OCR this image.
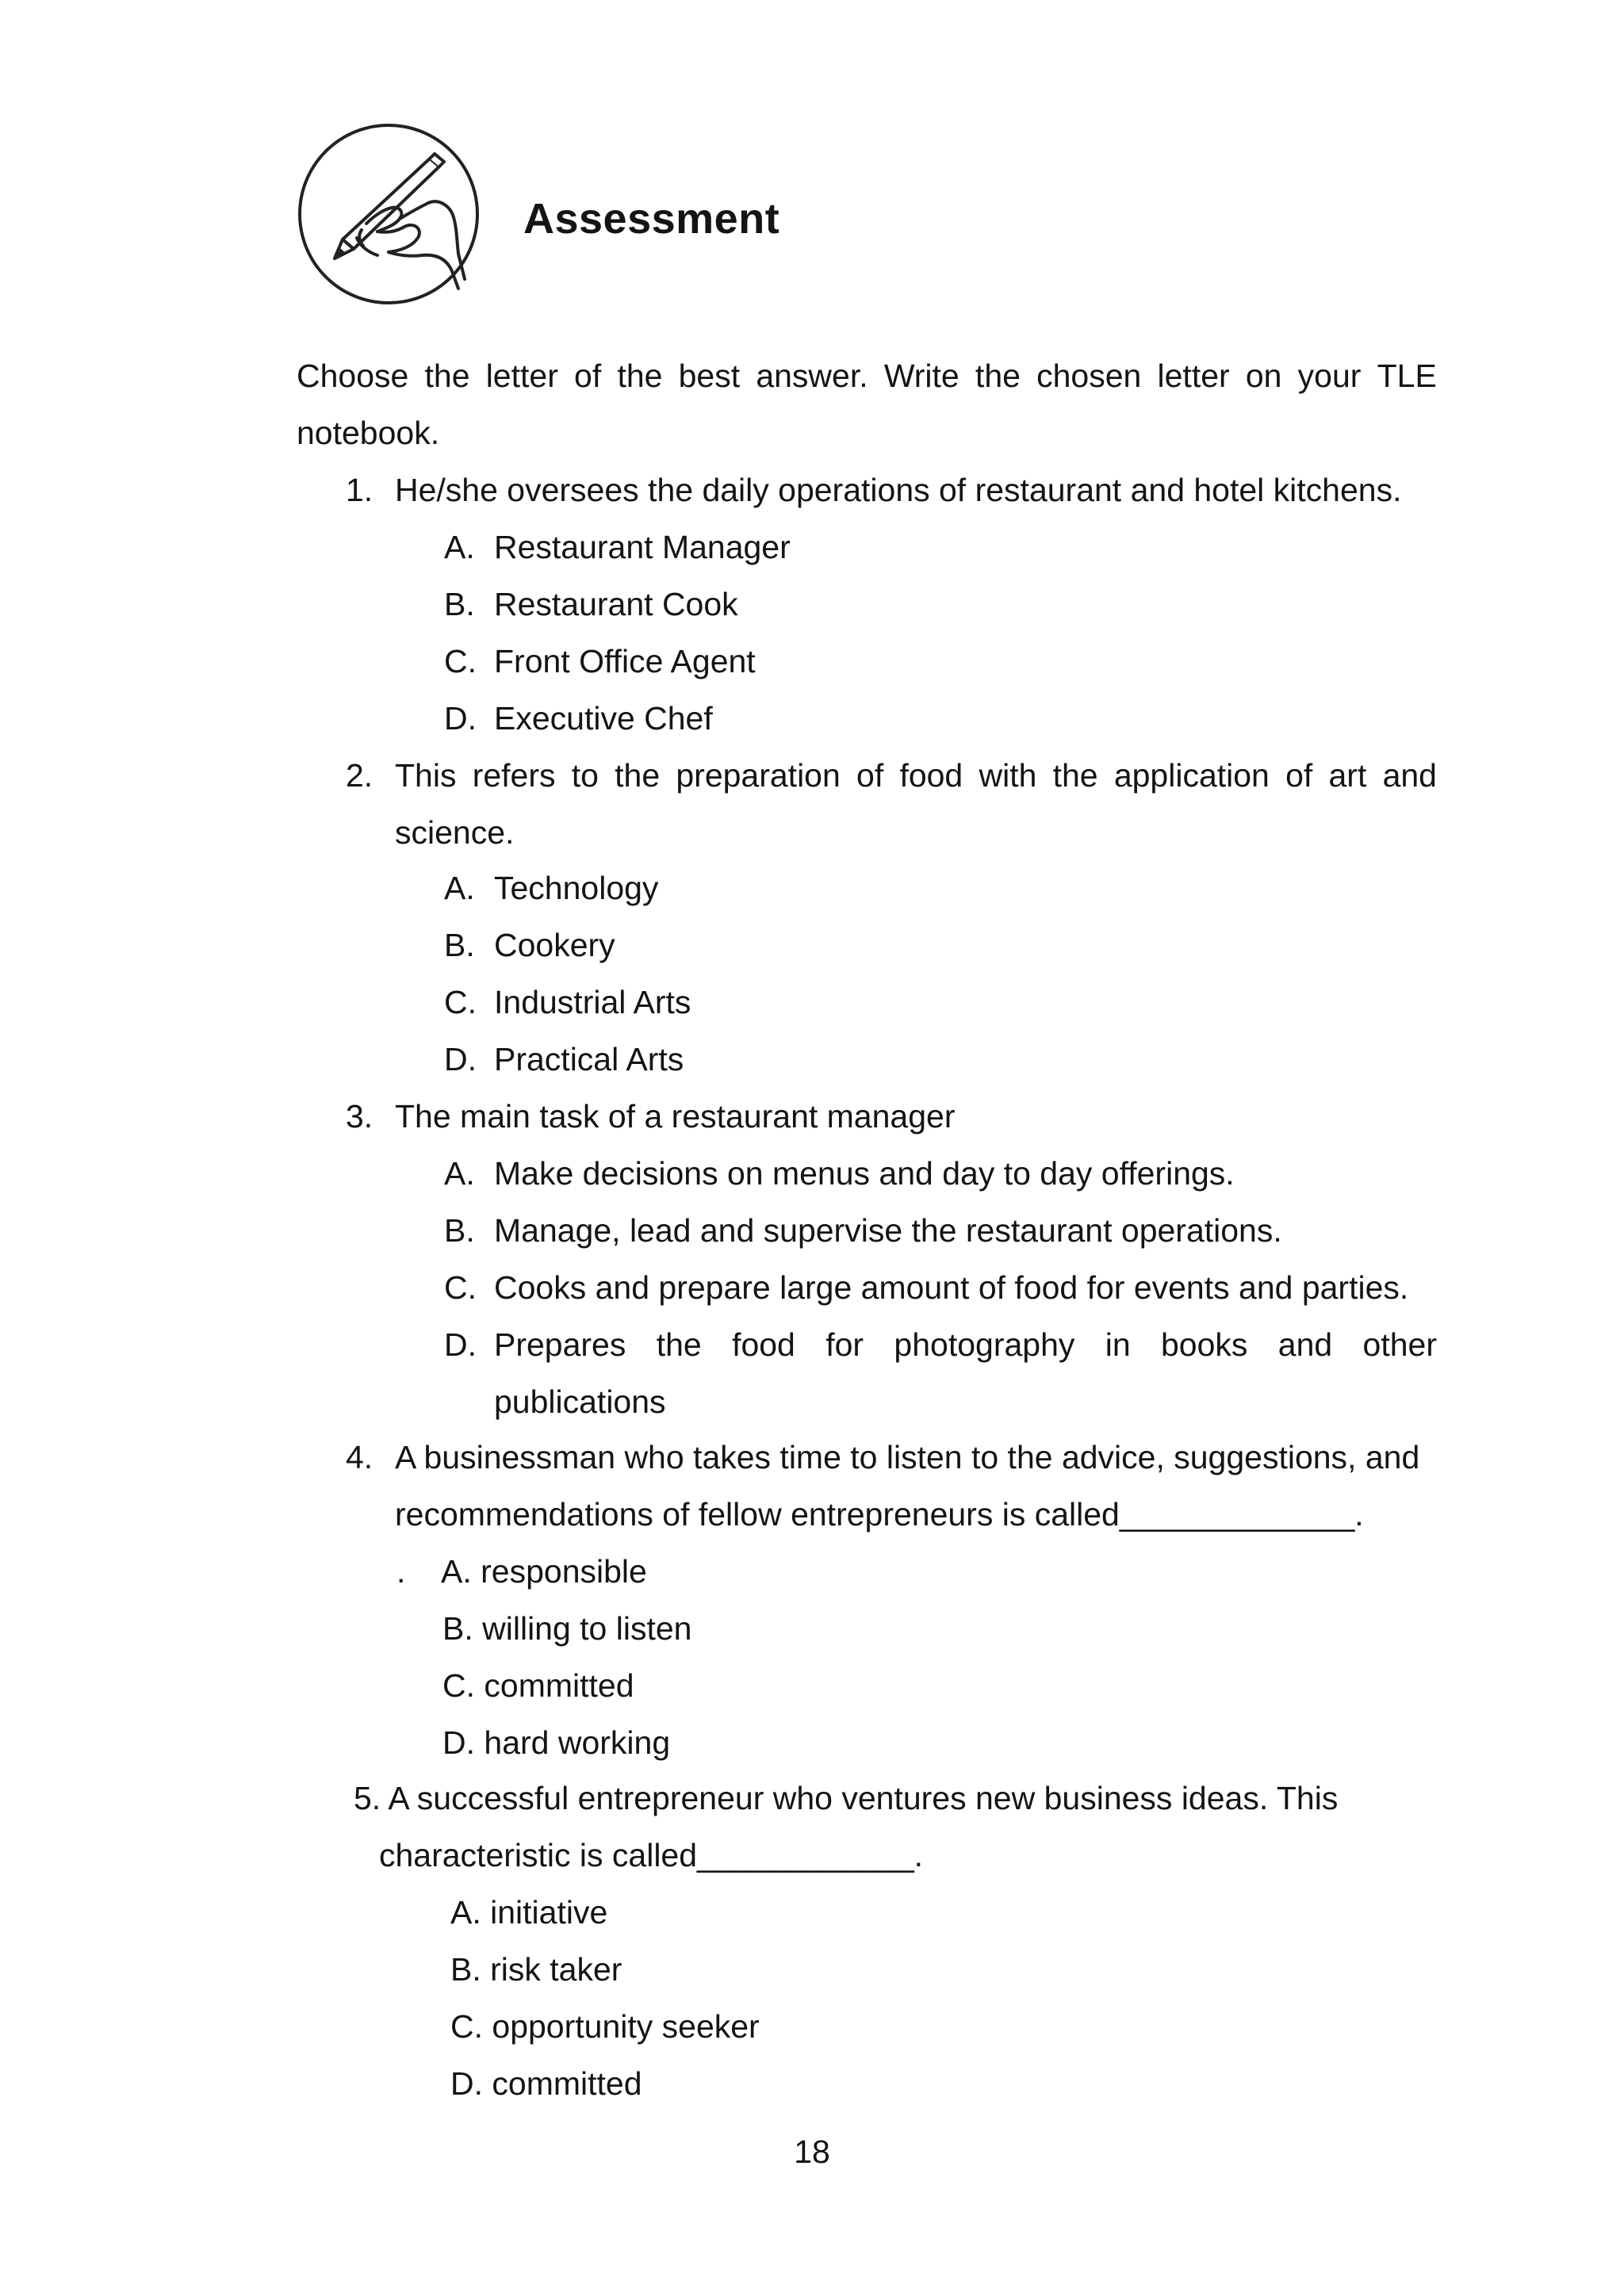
Assessment
Choose the letter of the best answer. Write the chosen letter on your TLE
notebook.
1. He/she oversees the daily operations of restaurant and hotel kitchens.
A. Restaurant Manager
B. Restaurant Cook
C. Front Office Agent
D. Executive Chef
2. This refers to the preparation of food with the application of art and
science.
A. Technology
B. Cookery
C. Industrial Arts
D. Practical Arts
3. The main task of a restaurant manager
A. Make decisions on menus and day to day offerings.
B. Manage, lead and supervise the restaurant operations.
C. Cooks and prepare large amount of food for events and parties.
D. Prepares the food for photography in books and other
publications
4. A businessman who takes time to listen to the advice, suggestions, and
recommendations of fellow entrepreneurs is called_____________.
. A. responsible
B. willing to listen
C. committed
D. hard working
5. A successful entrepreneur who ventures new business ideas. This
characteristic is called____________.
A. initiative
B. risk taker
C. opportunity seeker
D. committed
18
